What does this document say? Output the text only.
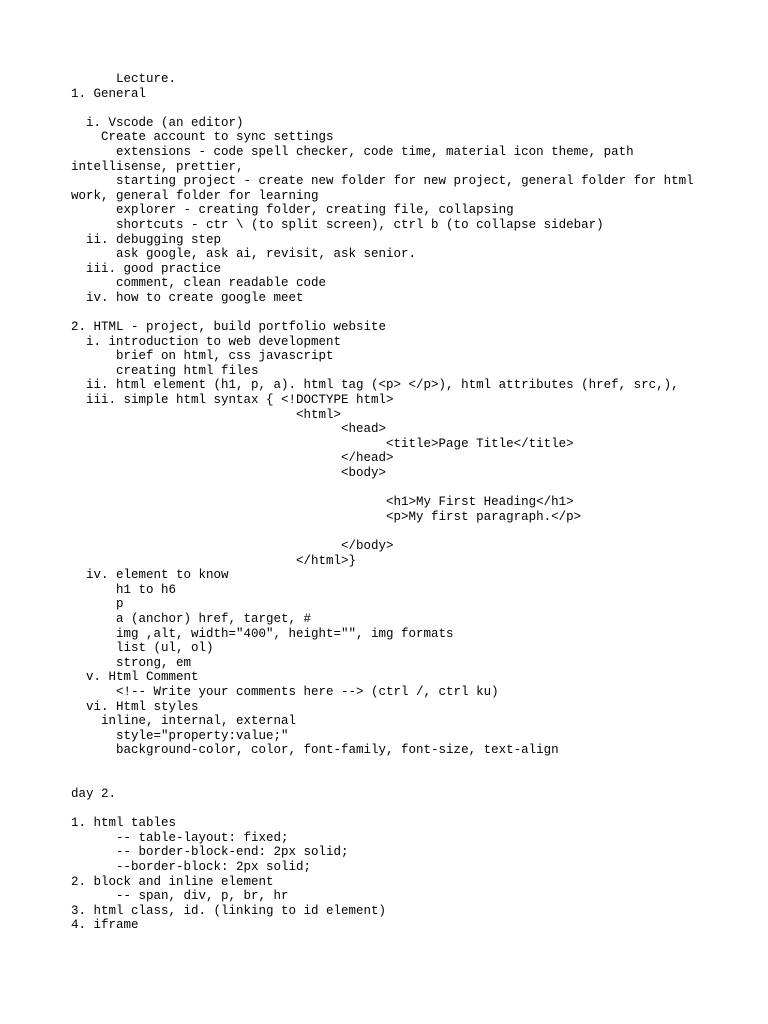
Lecture.
1. General
i. Vscode (an editor)
Create account to sync settings
extensions - code spell checker, code time, material icon theme, path
intellisense, prettier,
starting project - create new folder for new project, general folder for html
work, general folder for learning
explorer - creating folder, creating file, collapsing
shortcuts - ctr \ (to split screen), ctrl b (to collapse sidebar)
ii. debugging step
ask google, ask ai, revisit, ask senior.
iii. good practice
comment, clean readable code
iv. how to create google meet
2. HTML - project, build portfolio website
i. introduction to web development
brief on html, css javascript
creating html files
ii. html element (h1, p, a). html tag (<p> </p>), html attributes (href, src,),
iii. simple html syntax { <!DOCTYPE html>
<html>
<head>
<title>Page Title</title>
</head>
<body>
<h1>My First Heading</h1>
<p>My first paragraph.</p>
</body>
</html>}
iv. element to know
h1 to h6
p
a (anchor) href, target, #
img ,alt, width="400", height="", img formats
list (ul, ol)
strong, em
v. Html Comment
<!-- Write your comments here --> (ctrl /, ctrl ku)
vi. Html styles
inline, internal, external
style="property:value;"
background-color, color, font-family, font-size, text-align
day 2.
1. html tables
-- table-layout: fixed;
-- border-block-end: 2px solid;
--border-block: 2px solid;
2. block and inline element
-- span, div, p, br, hr
3. html class, id. (linking to id element)
4. iframe
